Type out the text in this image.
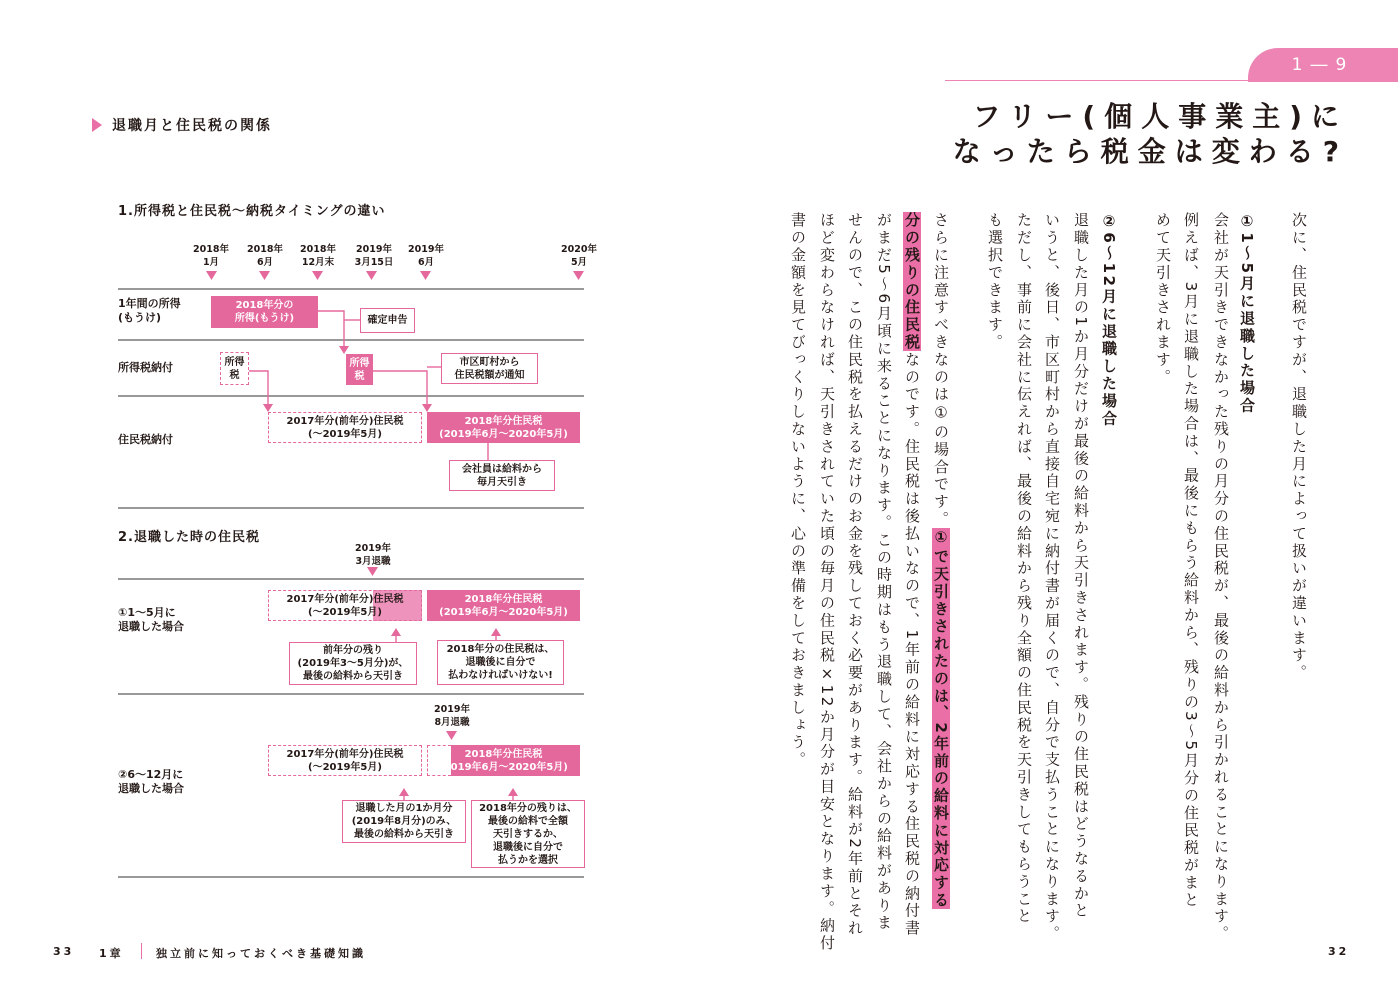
退職月と住民税の関係
1.所得税と住民税〜納税タイミングの違い
2018年
1月
2018年
6月
2018年
12月末
2019年
3月15日
2019年
6月
2020年
5月
1年間の所得
(もうけ)
所得税納付
住民税納付
2018年分の
所得(もうけ)	確定申告
所得
税
所得
税
市区町村から
住民税額が通知
2017年分(前年分)住民税
(〜2019年5月)
2018年分住民税
(2019年6月〜2020年5月)
会社員は給料から
毎月天引き
2.退職した時の住民税
2019年
3月退職
①1〜5月に
退職した場合
2017年分(前年分)住民税
(〜2019年5月)
2018年分住民税
(2019年6月〜2020年5月)
前年分の残り
(2019年3〜5月分)が、
最後の給料から天引き
2018年分の住民税は、
退職後に自分で
払わなければいけない!
2019年
8月退職
②6〜12月に
退職した場合
2017年分(前年分)住民税
(〜2019年5月)
2018年分住民税
(2019年6月〜2020年5月)
退職した月の1か月分
(2019年8月分)のみ、
最後の給料から天引き
2018年分の残りは、
最後の給料で全額
天引きするか、
退職後に自分で
払うかを選択
33 1章	独立前に知っておくべき基礎知識
1―9
フリー(個人事業主)に
なったら税金は変わる?
次に、住民税ですが、退職した月によって扱いが違います。
①1〜5月に退職した場合
会社が天引きできなかった残りの月分の住民税が、最後の給料から引かれることになります。
例えば、3月に退職した場合は、最後にもらう給料から、残りの3〜5月分の住民税がまと
めて天引きされます。
②6〜12月に退職した場合
退職した月の1か月分だけが最後の給料から天引きされます。残りの住民税はどうなるかと
いうと、後日、市区町村から直接自宅宛に納付書が届くので、自分で支払うことになります。
ただし、事前に会社に伝えれば、最後の給料から残り全額の住民税を天引きしてもらうこと
も選択できます。
さらに注意すべきなのは①の場合です。①で天引きされたのは、2年前の給料に対応する
分の残りの住民税なのです。住民税は後払いなので、1年前の給料に対応する住民税の納付書
がまだ5〜6月頃に来ることになります。この時期はもう退職して、会社からの給料がありま
せんので、この住民税を払えるだけのお金を残しておく必要があります。給料が2年前とそれ
ほど変わらなければ、天引きされていた頃の毎月の住民税×12か月分が目安となります。納付
書の金額を見てびっくりしないように、心の準備をしておきましょう。
32
